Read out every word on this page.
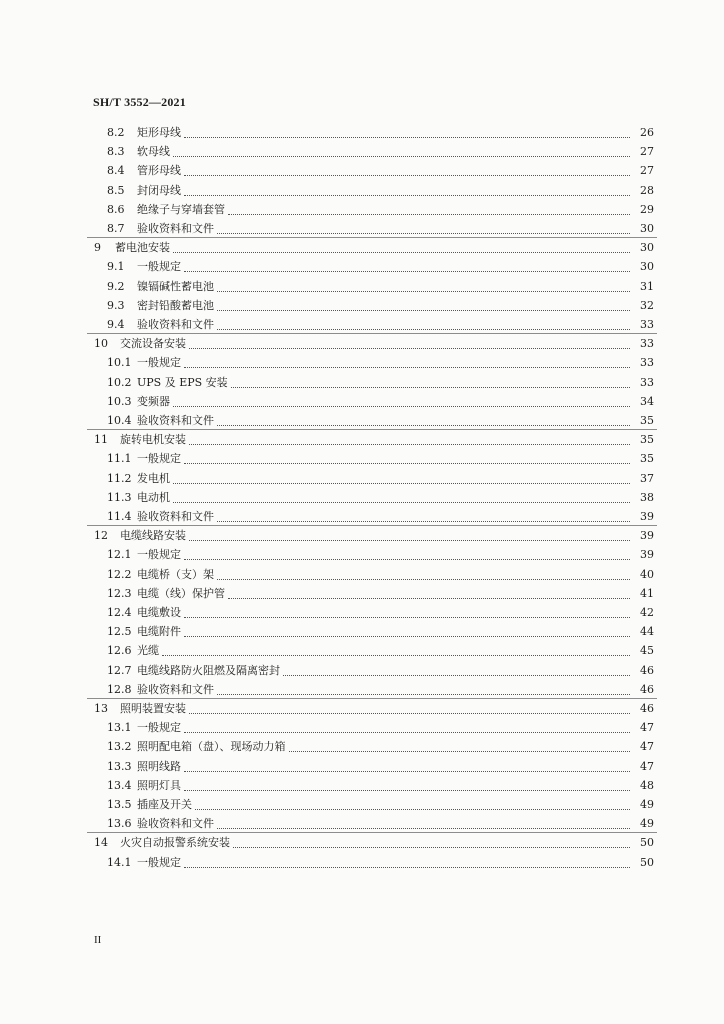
SH/T 3552—2021
8.2 矩形母线	26
8.3 软母线	27
8.4 管形母线	27
8.5 封闭母线	28
8.6 绝缘子与穿墙套管	29
8.7 验收资料和文件	30
9 蓄电池安装	30
9.1 一般规定	30
9.2 镍镉碱性蓄电池	31
9.3 密封铅酸蓄电池	32
9.4 验收资料和文件	33
10 交流设备安装	33
10.1 一般规定	33
10.2 UPS 及 EPS 安装	33
10.3 变频器	34
10.4 验收资料和文件	35
11 旋转电机安装	35
11.1 一般规定	35
11.2 发电机	37
11.3 电动机	38
11.4 验收资料和文件	39
12 电缆线路安装	39
12.1 一般规定	39
12.2 电缆桥（支）架	40
12.3 电缆（线）保护管	41
12.4 电缆敷设	42
12.5 电缆附件	44
12.6 光缆	45
12.7 电缆线路防火阻燃及隔离密封	46
12.8 验收资料和文件	46
13 照明装置安装	46
13.1 一般规定	47
13.2 照明配电箱（盘）、现场动力箱	47
13.3 照明线路	47
13.4 照明灯具	48
13.5 插座及开关	49
13.6 验收资料和文件	49
14 火灾自动报警系统安装	50
14.1 一般规定	50
II
